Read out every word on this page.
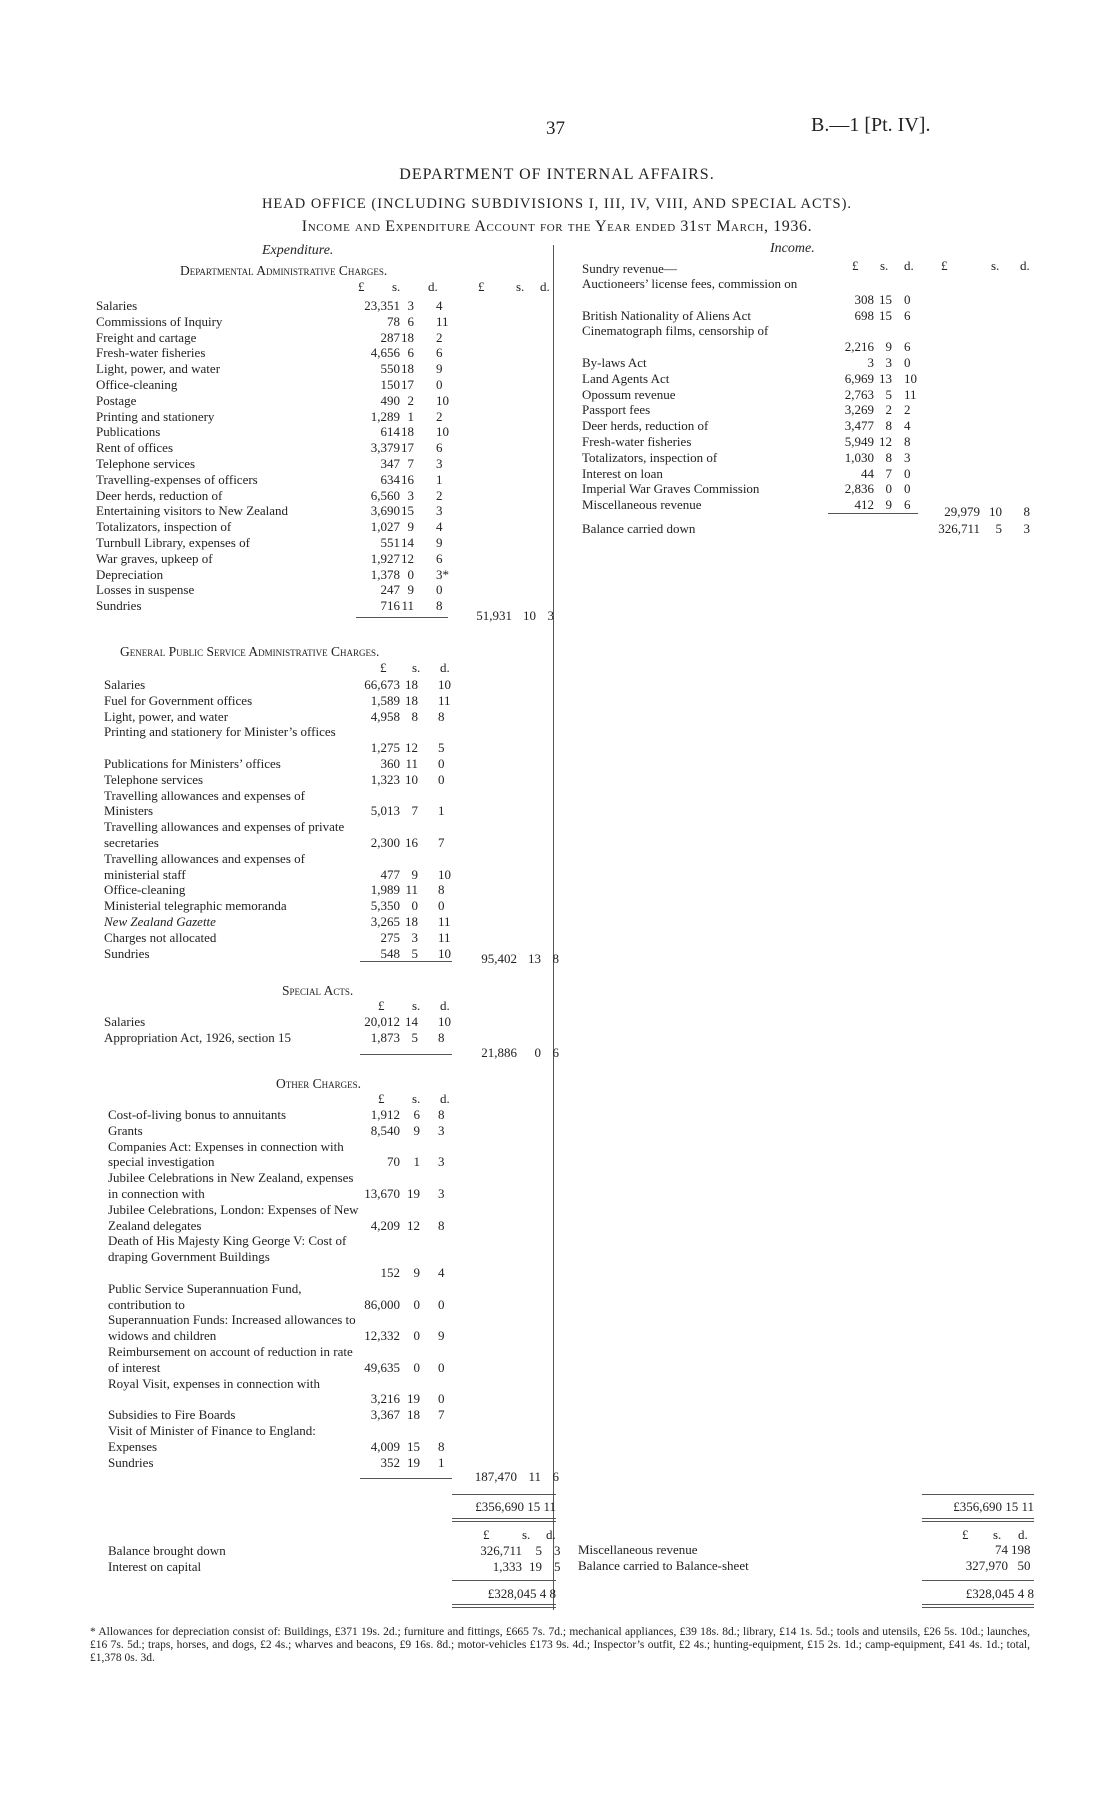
37	B.—1 [Pt. IV].
DEPARTMENT OF INTERNAL AFFAIRS.
HEAD OFFICE (INCLUDING SUBDIVISIONS I, III, IV, VIII, AND SPECIAL ACTS).
Income and Expenditure Account for the Year ended 31st March, 1936.
Expenditure.
Departmental Administrative Charges.
£ s. d.	£ s. d.
Salaries	23,351 3 4
Commissions of Inquiry	78 6 11
Freight and cartage	287 18 2
Fresh-water fisheries	4,656 6 6
Light, power, and water	550 18 9
Office-cleaning	150 17 0
Postage	490 2 10
Printing and stationery	1,289 1 2
Publications	614 18 10
Rent of offices	3,379 17 6
Telephone services	347 7 3
Travelling-expenses of officers	634 16 1
Deer herds, reduction of	6,560 3 2
Entertaining visitors to New Zealand	3,690 15 3
Totalizators, inspection of	1,027 9 4
Turnbull Library, expenses of	551 14 9
War graves, upkeep of	1,927 12 6
Depreciation	1,378 0 3*
Losses in suspense	247 9 0
Sundries	716 11 8
51,931 10 3
General Public Service Administrative Charges.
£ s. d.
Salaries	66,673 18 10
Fuel for Government offices	1,589 18 11
Light, power, and water	4,958 8 8
Printing and stationery for Minister’s offices
1,275 12 5
Publications for Ministers’ offices	360 11 0
Telephone services	1,323 10 0
Travelling allowances and expenses of Ministers	5,013 7 1
Travelling allowances and expenses of private secretaries	2,300 16 7
Travelling allowances and expenses of ministerial staff	477 9 10
Office-cleaning	1,989 11 8
Ministerial telegraphic memoranda	5,350 0 0
New Zealand Gazette	3,265 18 11
Charges not allocated	275 3 11
Sundries	548 5 10	95,402 13 8
Special Acts.
£ s. d.
Salaries	20,012 14 10
Appropriation Act, 1926, section 15	1,873 5 8
21,886	0 6
Other Charges.
£ s. d.
Cost-of-living bonus to annuitants	1,912	6 8
Grants	8,540	9 3
Companies Act: Expenses in connection with special investigation	70	1 3
Jubilee Celebrations in New Zealand, expenses in connection with	13,670 19 3
Jubilee Celebrations, London: Expenses of New Zealand delegates	4,209 12 8
Death of His Majesty King George V: Cost of draping Government Buildings
152	9 4
Public Service Superannuation Fund, contribution to	86,000	0 0
Superannuation Funds: Increased allowances to widows and children	12,332	0 9
Reimbursement on account of reduction in rate of interest	49,635	0 0
Royal Visit, expenses in connection with
3,216 19 0
Subsidies to Fire Boards	3,367 18 7
Visit of Minister of Finance to England: Expenses	4,009 15 8
Sundries	352 19 1
187,470 11 6
£356,690 15 11
Income.
£ s. d. £	s. d.
Sundry revenue—
Auctioneers’ license fees, commission on
308 15 0
British Nationality of Aliens Act	698 15 6
Cinematograph films, censorship of
2,216 9 6
By-laws Act	3 3 0
Land Agents Act	6,969 13 10
Opossum revenue	2,763 5 11
Passport fees	3,269 2 2
Deer herds, reduction of	3,477 8 4
Fresh-water fisheries	5,949 12 8
Totalizators, inspection of	1,030 8 3
Interest on loan	44 7 0
Imperial War Graves Commission	2,836 0 0
Miscellaneous revenue	412 9 6	29,979 10	8
Balance carried down	326,711	5	3
£356,690 15 11
£	s. d.
Balance brought down	326,711	5 3
Interest on capital	1,333 19 5
£328,045 4 8
£ s. d.
Miscellaneous revenue	74 19 8
Balance carried to Balance-sheet	327,970 5 0
£328,045 4 8
* Allowances for depreciation consist of: Buildings, £371 19s. 2d.; furniture and fittings, £665 7s. 7d.; mechanical appliances, £39 18s. 8d.; library, £14 1s. 5d.; tools and utensils, £26 5s. 10d.; launches, £16 7s. 5d.; traps, horses, and dogs, £2 4s.; wharves and beacons, £9 16s. 8d.; motor-vehicles £173 9s. 4d.; Inspector’s outfit, £2 4s.; hunting-equipment, £15 2s. 1d.; camp-equipment, £41 4s. 1d.; total, £1,378 0s. 3d.
